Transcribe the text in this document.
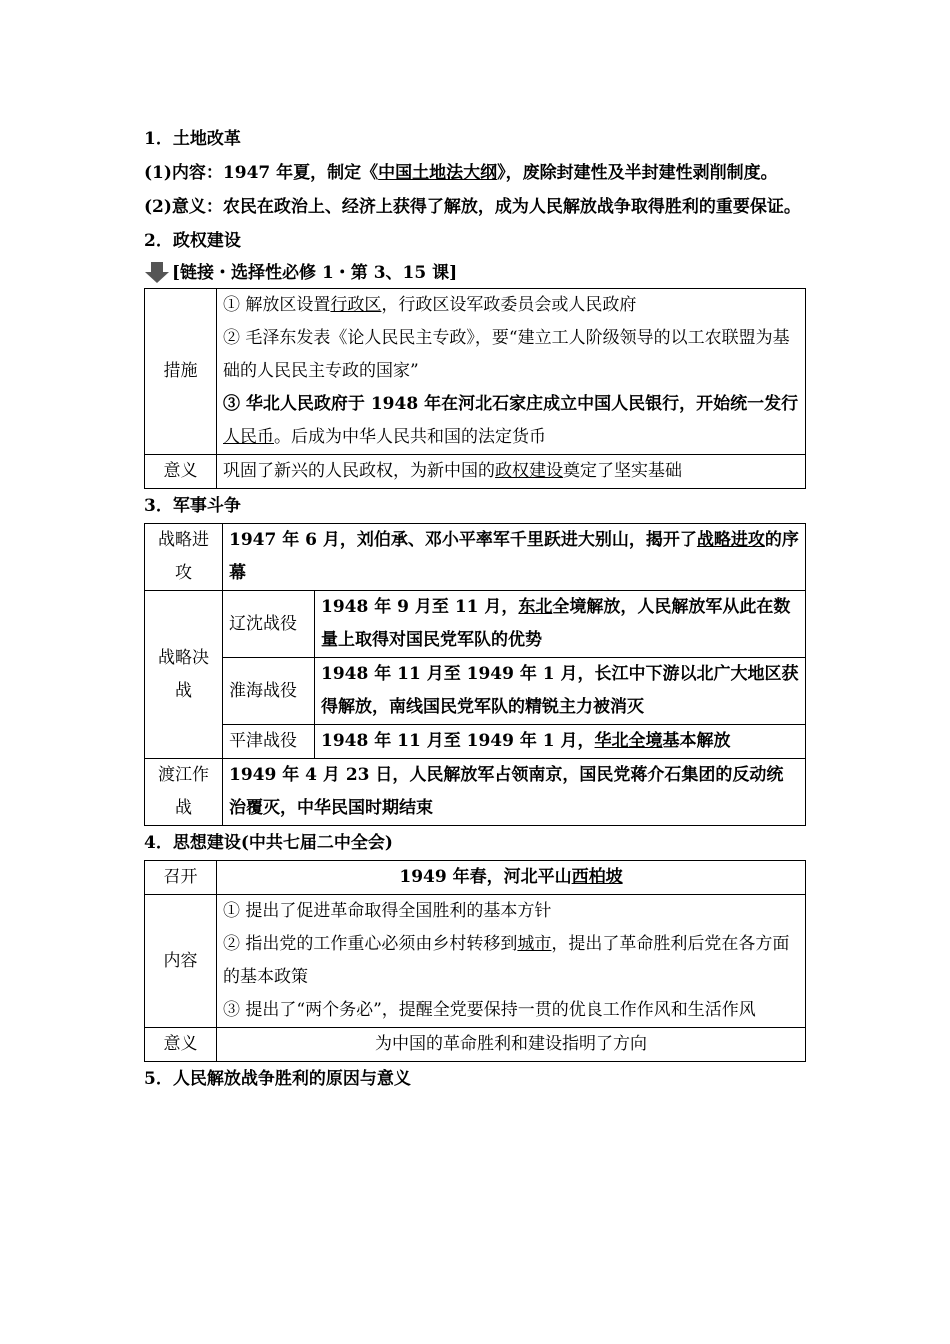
1．土地改革
(1)内容：1947 年夏，制定《中国土地法大纲》，废除封建性及半封建性剥削制度。
(2)意义：农民在政治上、经济上获得了解放，成为人民解放战争取得胜利的重要保证。
2．政权建设
[链接・选择性必修 1・第 3、15 课]
措施	① 解放区设置行政区，行政区设军政委员会或人民政府
② 毛泽东发表《论人民民主专政》，要“建立工人阶级领导的以工农联盟为基础的人民民主专政的国家”
③ 华北人民政府于 1948 年在河北石家庄成立中国人民银行，开始统一发行人民币。后成为中华人民共和国的法定货币

意义	巩固了新兴的人民政权，为新中国的政权建设奠定了坚实基础
3．军事斗争
战略进攻	1947 年 6 月，刘伯承、邓小平率军千里跃进大别山，揭开了战略进攻的序幕	
战略决战	辽沈战役	1948 年 9 月至 11 月，东北全境解放，人民解放军从此在数量上取得对国民党军队的优势
	淮海战役	1948 年 11 月至 1949 年 1 月，长江中下游以北广大地区获得解放，南线国民党军队的精锐主力被消灭
	平津战役	1948 年 11 月至 1949 年 1 月，华北全境基本解放
渡江作战	1949 年 4 月 23 日，人民解放军占领南京，国民党蒋介石集团的反动统治覆灭，中华民国时期结束	
4．思想建设(中共七届二中全会)
召开	1949 年春，河北平山西柏坡
内容	① 提出了促进革命取得全国胜利的基本方针
② 指出党的工作重心必须由乡村转移到城市，提出了革命胜利后党在各方面的基本政策
③ 提出了“两个务必”，提醒全党要保持一贯的优良工作作风和生活作风

意义	为中国的革命胜利和建设指明了方向
5．人民解放战争胜利的原因与意义
